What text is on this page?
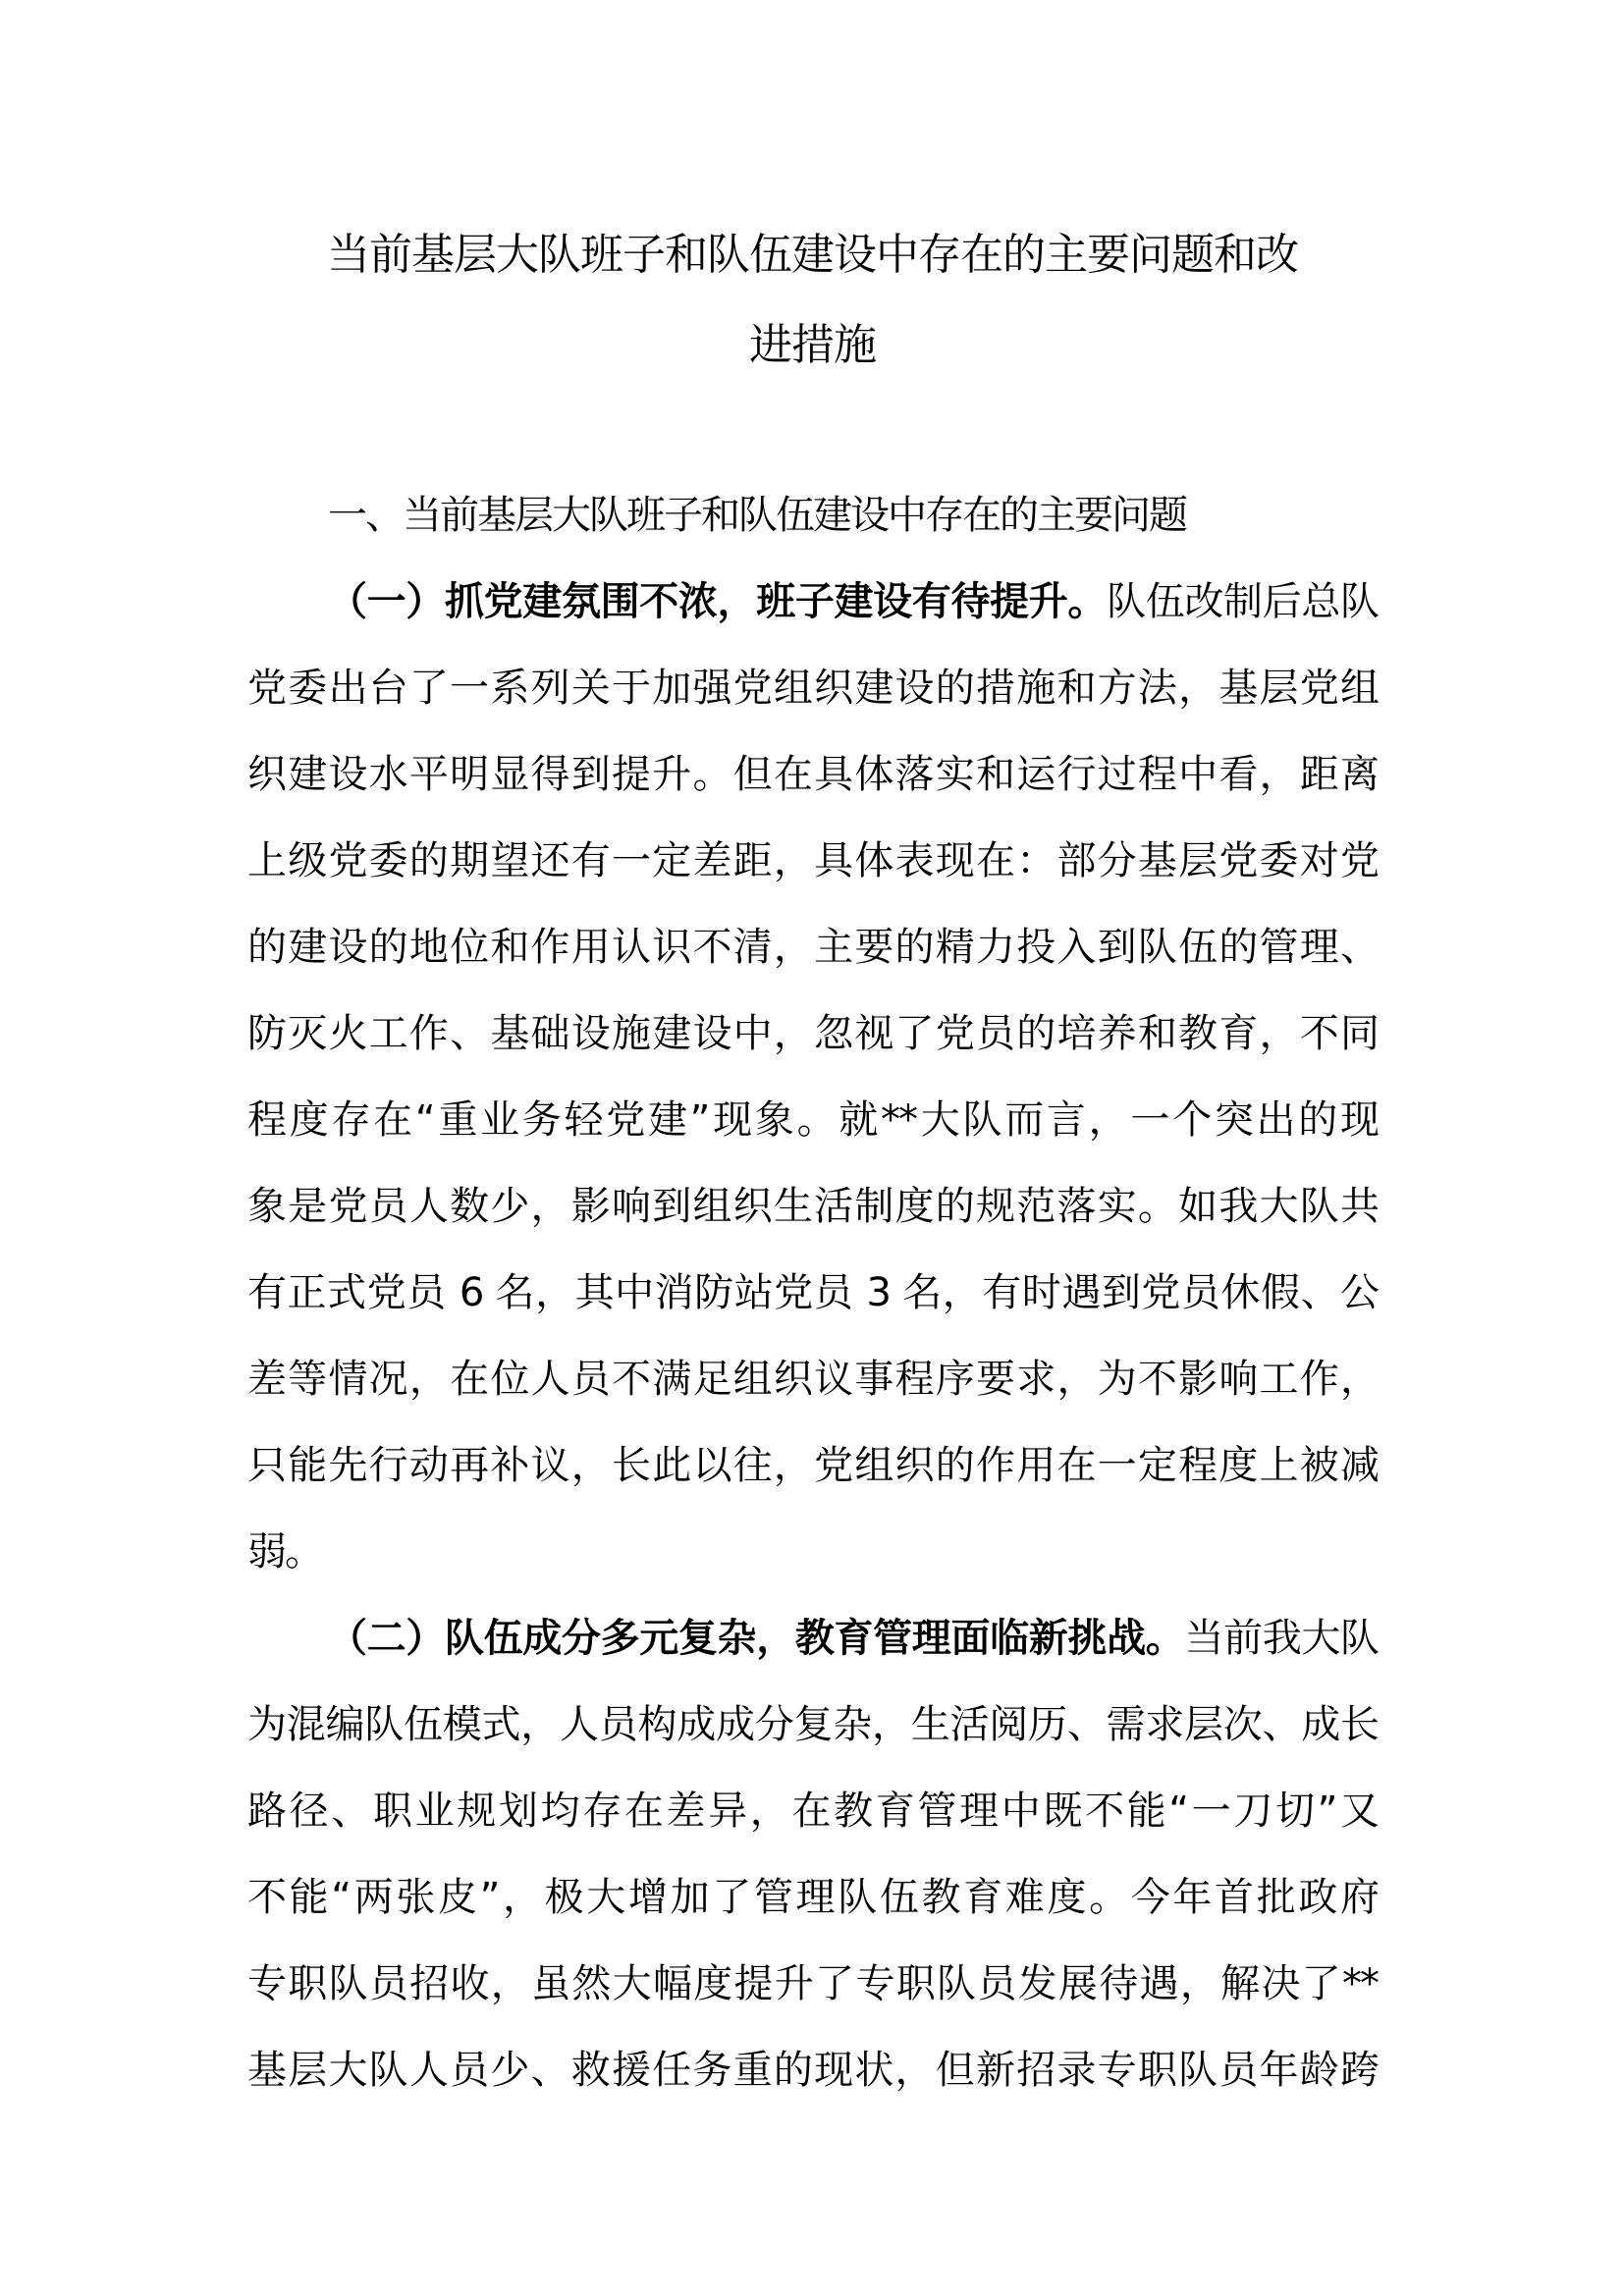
当前基层大队班子和队伍建设中存在的主要问题和改
进措施
一、当前基层大队班子和队伍建设中存在的主要问题
（一）抓党建氛围不浓，班子建设有待提升。队伍改制后总队
党委出台了一系列关于加强党组织建设的措施和方法，基层党组
织建设水平明显得到提升。但在具体落实和运行过程中看，距离
上级党委的期望还有一定差距，具体表现在：部分基层党委对党
的建设的地位和作用认识不清，主要的精力投入到队伍的管理、
防灭火工作、基础设施建设中，忽视了党员的培养和教育，不同
程度存在“重业务轻党建”现象。就**大队而言，一个突出的现
象是党员人数少，影响到组织生活制度的规范落实。如我大队共
有正式党员 6 名，其中消防站党员 3 名，有时遇到党员休假、公
差等情况，在位人员不满足组织议事程序要求，为不影响工作，
只能先行动再补议，长此以往，党组织的作用在一定程度上被减
弱。
（二）队伍成分多元复杂，教育管理面临新挑战。当前我大队
为混编队伍模式，人员构成成分复杂，生活阅历、需求层次、成长
路径、职业规划均存在差异，在教育管理中既不能“一刀切”又
不能“两张皮”，极大增加了管理队伍教育难度。今年首批政府
专职队员招收，虽然大幅度提升了专职队员发展待遇，解决了**
基层大队人员少、救援任务重的现状，但新招录专职队员年龄跨
